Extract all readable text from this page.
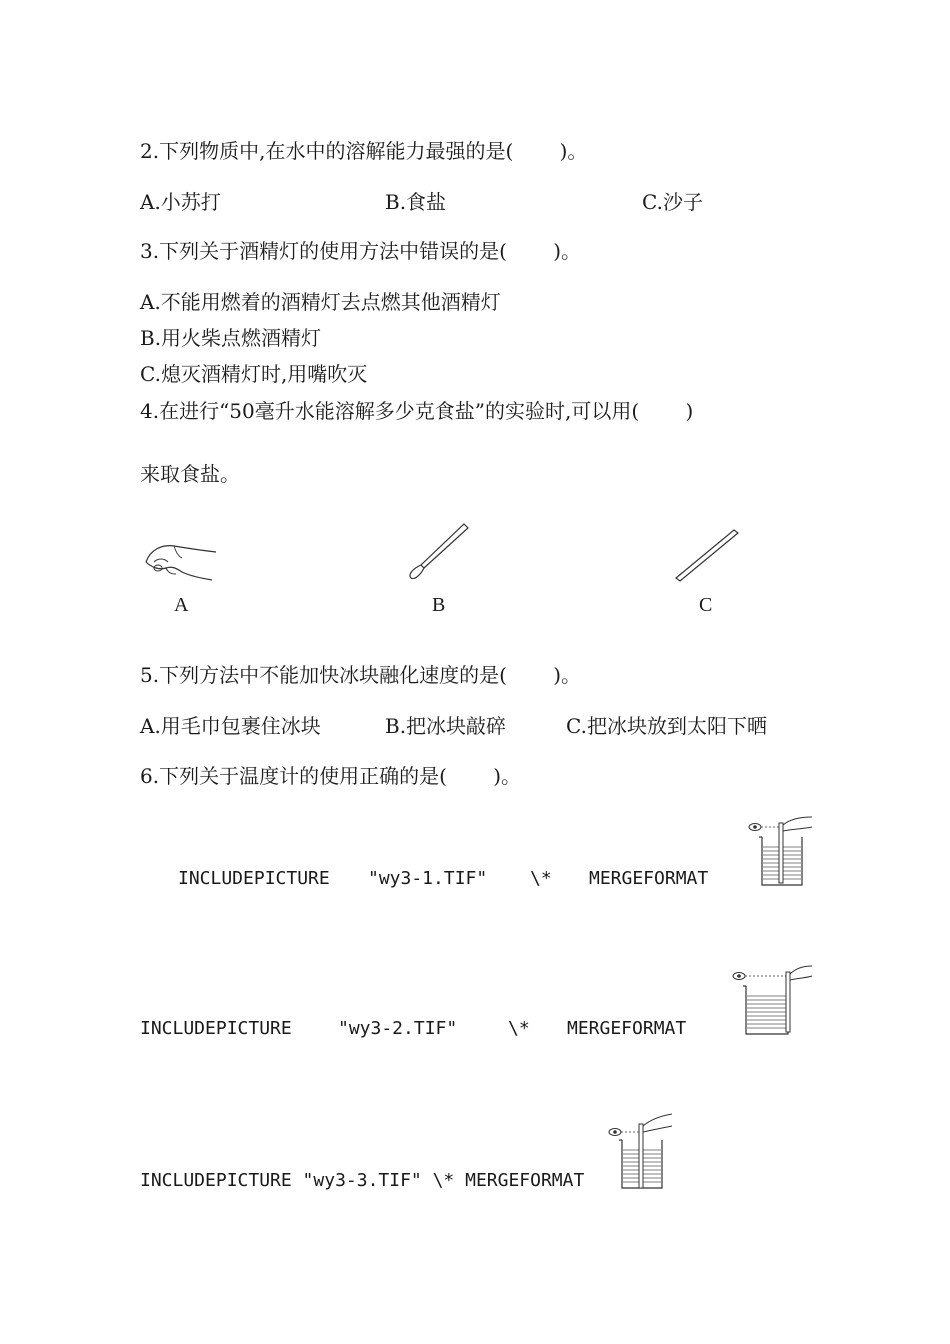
2.下列物质中,在水中的溶解能力最强的是(　　 )。
A.小苏打	B.食盐	C.沙子
3.下列关于酒精灯的使用方法中错误的是(　　 )。
A.不能用燃着的酒精灯去点燃其他酒精灯
B.用火柴点燃酒精灯
C.熄灭酒精灯时,用嘴吹灭
4.在进行“50毫升水能溶解多少克食盐”的实验时,可以用(　　 )
来取食盐。
A	B	C
5.下列方法中不能加快冰块融化速度的是(　　 )。
A.用毛巾包裹住冰块	B.把冰块敲碎	C.把冰块放到太阳下晒
6.下列关于温度计的使用正确的是(　　 )。
INCLUDEPICTURE "wy3-1.TIF" \* MERGEFORMAT
INCLUDEPICTURE	"wy3-2.TIF"	\* MERGEFORMAT
INCLUDEPICTURE "wy3-3.TIF" \* MERGEFORMAT
